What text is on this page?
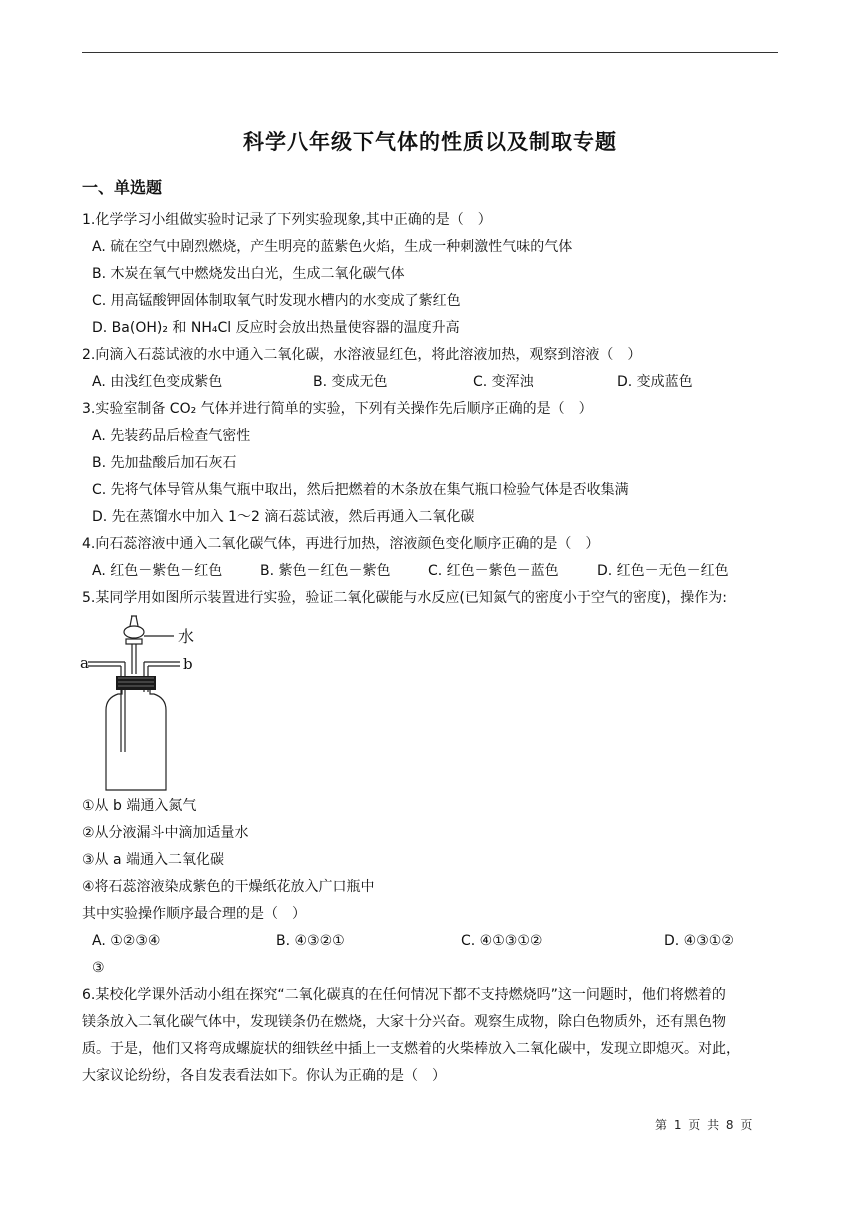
科学八年级下气体的性质以及制取专题
一、单选题
1.化学学习小组做实验时记录了下列实验现象,其中正确的是（　）
A. 硫在空气中剧烈燃烧，产生明亮的蓝紫色火焰，生成一种刺激性气味的气体
B. 木炭在氧气中燃烧发出白光，生成二氧化碳气体
C. 用高锰酸钾固体制取氧气时发现水槽内的水变成了紫红色
D. Ba(OH)₂ 和 NH₄Cl 反应时会放出热量使容器的温度升高
2.向滴入石蕊试液的水中通入二氧化碳，水溶液显红色，将此溶液加热，观察到溶液（　）
A. 由浅红色变成紫色	B. 变成无色	C. 变浑浊	D. 变成蓝色
3.实验室制备 CO₂ 气体并进行简单的实验，下列有关操作先后顺序正确的是（　）
A. 先装药品后检查气密性
B. 先加盐酸后加石灰石
C. 先将气体导管从集气瓶中取出，然后把燃着的木条放在集气瓶口检验气体是否收集满
D. 先在蒸馏水中加入 1～2 滴石蕊试液，然后再通入二氧化碳
4.向石蕊溶液中通入二氧化碳气体，再进行加热，溶液颜色变化顺序正确的是（　）
A. 红色－紫色－红色	B. 紫色－红色－紫色	C. 红色－紫色－蓝色	D. 红色－无色－红色
5.某同学用如图所示装置进行实验，验证二氧化碳能与水反应(已知氮气的密度小于空气的密度)，操作为:
水
a	b
①从 b 端通入氮气
②从分液漏斗中滴加适量水
③从 a 端通入二氧化碳
④将石蕊溶液染成紫色的干燥纸花放入广口瓶中
其中实验操作顺序最合理的是（　）
A. ①②③④	B. ④③②①	C. ④①③①②	D. ④③①②
③
6.某校化学课外活动小组在探究“二氧化碳真的在任何情况下都不支持燃烧吗”这一问题时，他们将燃着的
镁条放入二氧化碳气体中，发现镁条仍在燃烧，大家十分兴奋。观察生成物，除白色物质外，还有黑色物
质。于是，他们又将弯成螺旋状的细铁丝中插上一支燃着的火柴棒放入二氧化碳中，发现立即熄灭。对此，
大家议论纷纷，各自发表看法如下。你认为正确的是（　）
第 1 页 共 8 页
